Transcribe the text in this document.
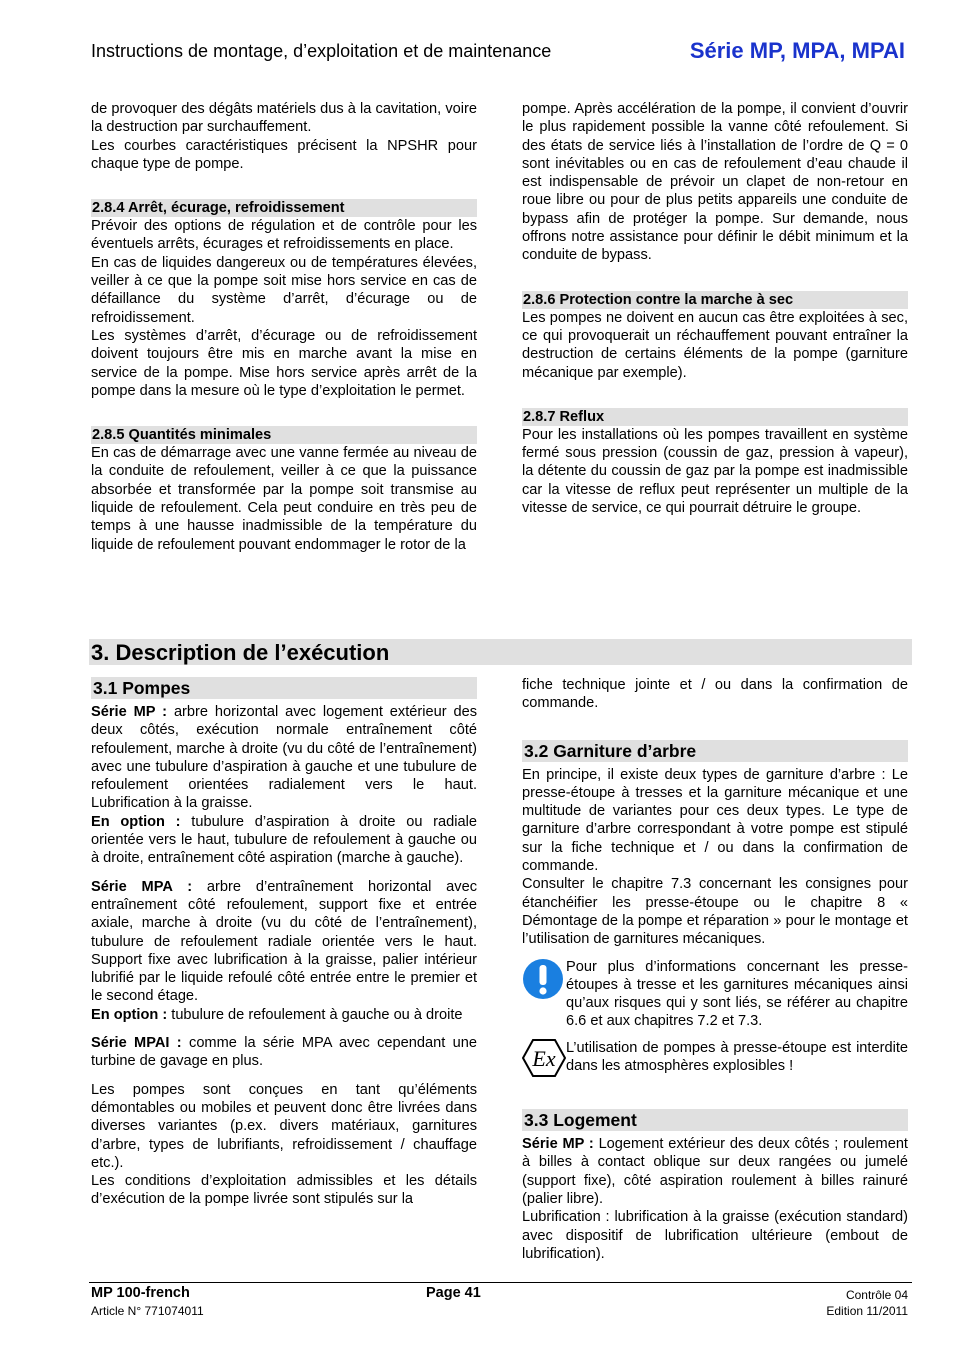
Instructions de montage, d’exploitation et de maintenance	Série MP, MPA, MPAI

de provoquer des dégâts matériels dus à la cavitation, voire la destruction par surchauffement.

Les courbes caractéristiques précisent la NPSHR pour chaque type de pompe.

2.8.4 Arrêt, écurage, refroidissement

Prévoir des options de régulation et de contrôle pour les éventuels arrêts, écurages et refroidissements en place.

En cas de liquides dangereux ou de températures élevées, veiller à ce que la pompe soit mise hors service en cas de défaillance du système d’arrêt, d’écurage ou de refroidissement.

Les systèmes d’arrêt, d’écurage ou de refroidissement doivent toujours être mis en marche avant la mise en service de la pompe. Mise hors service après arrêt de la pompe dans la mesure où le type d’exploitation le permet.

2.8.5 Quantités minimales

En cas de démarrage avec une vanne fermée au niveau de la conduite de refoulement, veiller à ce que la puissance absorbée et transformée par la pompe soit transmise au liquide de refoulement. Cela peut conduire en très peu de temps à une hausse inadmissible de la température du liquide de refoulement pouvant endommager le rotor de la

pompe. Après accélération de la pompe, il convient d’ouvrir le plus rapidement possible la vanne côté refoulement. Si des états de service liés à l’installation de l’ordre de Q = 0 sont inévitables ou en cas de refoulement d’eau chaude il est indispensable de prévoir un clapet de non-retour en roue libre ou pour de plus petits appareils une conduite de bypass afin de protéger la pompe. Sur demande, nous offrons notre assistance pour définir le débit minimum et la conduite de bypass.

2.8.6 Protection contre la marche à sec

Les pompes ne doivent en aucun cas être exploitées à sec, ce qui provoquerait un réchauffement pouvant entraîner la destruction de certains éléments de la pompe (garniture mécanique par exemple).

2.8.7 Reflux

Pour les installations où les pompes travaillent en système fermé sous pression (coussin de gaz, pression à vapeur), la détente du coussin de gaz par la pompe est inadmissible car la vitesse de reflux peut représenter un multiple de la vitesse de service, ce qui pourrait détruire le groupe.

3. Description de l’exécution
3.1 Pompes

Série MP : arbre horizontal avec logement extérieur des deux côtés, exécution normale entraînement côté refoulement, marche à droite (vu du côté de l’entraînement) avec une tubulure d’aspiration à gauche et une tubulure de refoulement orientées radialement vers le haut. Lubrification à la graisse.

En option : tubulure d’aspiration à droite ou radiale orientée vers le haut, tubulure de refoulement à gauche ou à droite, entraînement côté aspiration (marche à gauche).

Série MPA : arbre d’entraînement horizontal avec entraînement côté refoulement, support fixe et entrée axiale, marche à droite (vu du côté de l’entraînement), tubulure de refoulement radiale orientée vers le haut. Support fixe avec lubrification à la graisse, palier intérieur lubrifié par le liquide refoulé côté entrée entre le premier et le second étage.

En option : tubulure de refoulement à gauche ou à droite

Série MPAI : comme la série MPA avec cependant une turbine de gavage en plus.

Les pompes sont conçues en tant qu’éléments démontables ou mobiles et peuvent donc être livrées dans diverses variantes (p.ex. divers matériaux, garnitures d’arbre, types de lubrifiants, refroidissement / chauffage etc.).

Les conditions d’exploitation admissibles et les détails d’exécution de la pompe livrée sont stipulés sur la

fiche technique jointe et / ou dans la confirmation de commande.

3.2 Garniture d’arbre

En principe, il existe deux types de garniture d’arbre : Le presse-étoupe à tresses et la garniture mécanique et une multitude de variantes pour ces deux types. Le type de garniture d’arbre correspondant à votre pompe est stipulé sur la fiche technique et / ou dans la confirmation de commande.

Consulter le chapitre 7.3 concernant les consignes pour étanchéifier les presse-étoupe ou le chapitre 8 « Démontage de la pompe et réparation » pour le montage et l’utilisation de garnitures mécaniques.

Pour plus d’informations concernant les presse-étoupes à tresse et les garnitures mécaniques ainsi qu’aux risques qui y sont liés, se référer au chapitre 6.6 et aux chapitres 7.2 et 7.3.

Ex L’utilisation de pompes à presse-étoupe est interdite dans les atmosphères explosibles !

3.3 Logement

Série MP : Logement extérieur des deux côtés ; roulement à billes à contact oblique sur deux rangées ou jumelé (support fixe), côté aspiration roulement à billes rainuré (palier libre).

Lubrification : lubrification à la graisse (exécution standard) avec dispositif de lubrification ultérieure (embout de lubrification).

MP 100-french
Article N° 771074011
Page 41	Contrôle 04
Edition 11/2011
